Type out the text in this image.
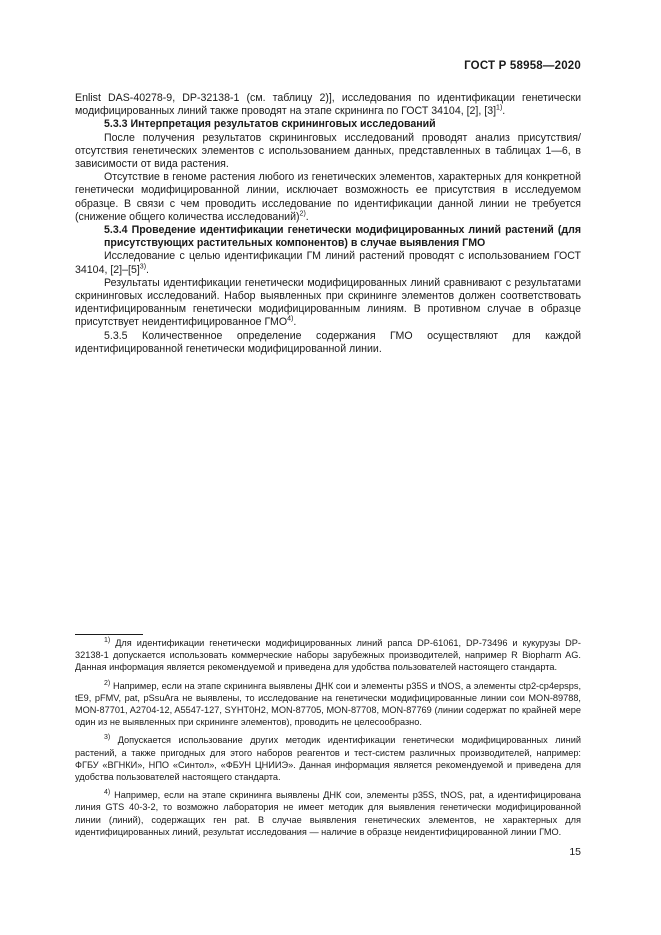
ГОСТ Р 58958—2020

Enlist DAS-40278-9, DP-32138-1 (см. таблицу 2)], исследования по идентификации генетически модифицированных линий также проводят на этапе скрининга по ГОСТ 34104, [2], $[3]^{1)}$.

5.3.3 Интерпретация результатов скрининговых исследований

После получения результатов скрининговых исследований проводят анализ присутствия/отсутствия генетических элементов с использованием данных, представленных в таблицах 1—6, в зависимости от вида растения.

Отсутствие в геноме растения любого из генетических элементов, характерных для конкретной генетически модифицированной линии, исключает возможность ее присутствия в исследуемом образце. В связи с чем проводить исследование по идентификации данной линии не требуется (снижение общего количества исследований)$^{2)}$.

5.3.4 Проведение идентификации генетически модифицированных линий растений (для присутствующих растительных компонентов) в случае выявления ГМО

Исследование с целью идентификации ГМ линий растений проводят с использованием ГОСТ 34104, $[2]-[5]^{3)}$.

Результаты идентификации генетически модифицированных линий сравнивают с результатами скрининговых исследований. Набор выявленных при скрининге элементов должен соответствовать идентифицированным генетически модифицированным линиям. В противном случае в образце присутствует неидентифицированное ГМО$^{4)}$.

5.3.5 Количественное определение содержания ГМО осуществляют для каждой идентифицированной генетически модифицированной линии.

$^{1)}$ Для идентификации генетически модифицированных линий рапса DP-61061, DP-73496 и кукурузы DP-32138-1 допускается использовать коммерческие наборы зарубежных производителей, например R Biopharm AG. Данная информация является рекомендуемой и приведена для удобства пользователей настоящего стандарта.

$^{2)}$ Например, если на этапе скрининга выявлены ДНК сои и элементы p35S и tNOS, а элементы ctp2-cp4epsps, tE9, pFMV, pat, pSsuAra не выявлены, то исследование на генетически модифицированные линии сои MON-89788, MON-87701, A2704-12, A5547-127, SYHT0H2, MON-87705, MON-87708, MON-87769 (линии содержат по крайней мере один из не выявленных при скрининге элементов), проводить не целесообразно.

$^{3)}$ Допускается использование других методик идентификации генетически модифицированных линий растений, а также пригодных для этого наборов реагентов и тест-систем различных производителей, например: ФГБУ «ВГНКИ», НПО «Синтол», «ФБУН ЦНИИЭ». Данная информация является рекомендуемой и приведена для удобства пользователей настоящего стандарта.

$^{4)}$ Например, если на этапе скрининга выявлены ДНК сои, элементы p35S, tNOS, pat, а идентифицирована линия GTS 40-3-2, то возможно лаборатория не имеет методик для выявления генетически модифицированной линии (линий), содержащих ген pat. В случае выявления генетических элементов, не характерных для идентифицированных линий, результат исследования — наличие в образце неидентифицированной линии ГМО.

15
